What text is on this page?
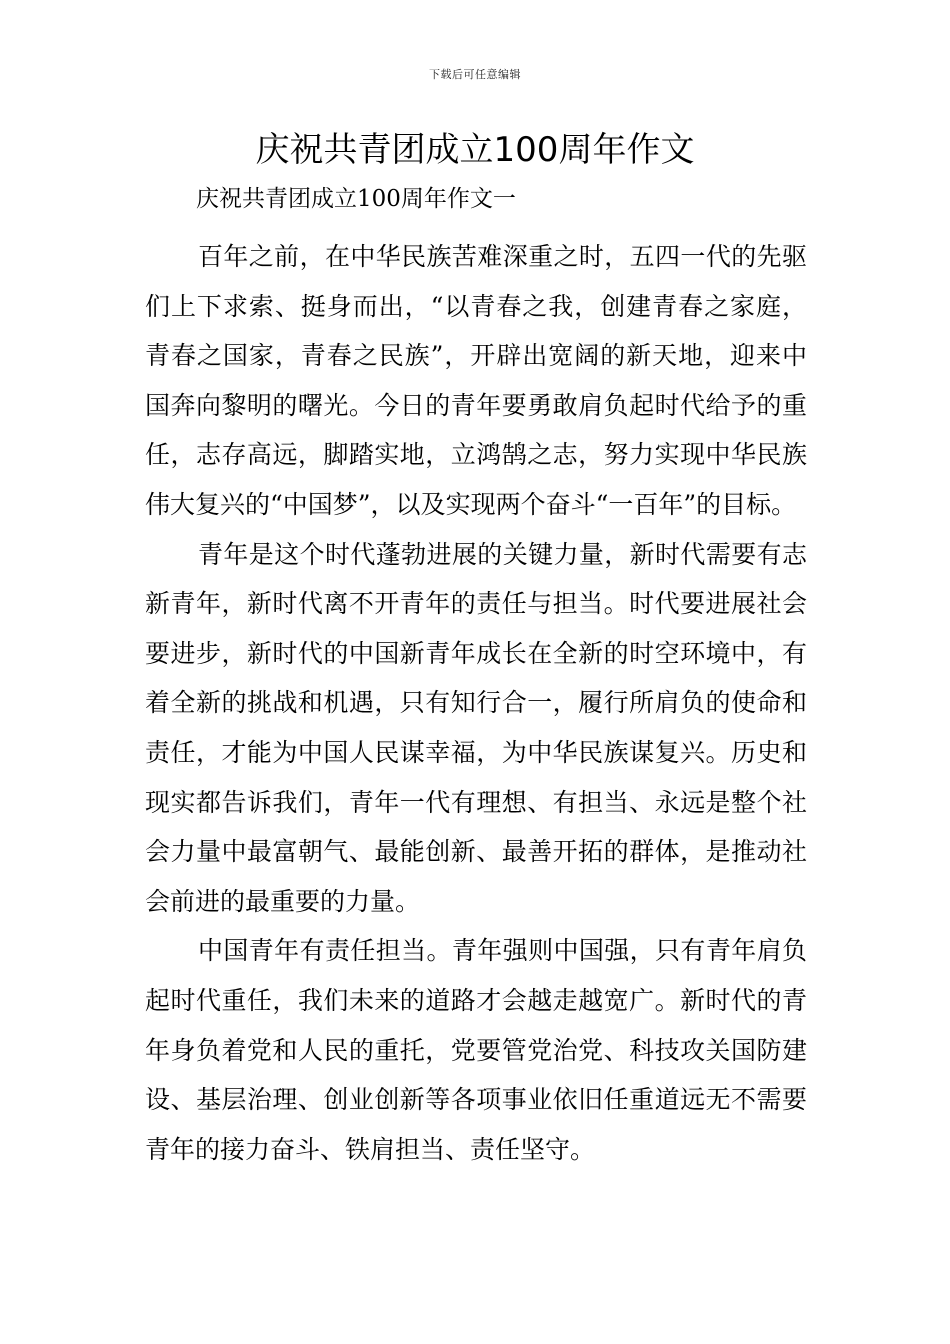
下载后可任意编辑
庆祝共青团成立100周年作文

庆祝共青团成立100周年作文一

百年之前，在中华民族苦难深重之时，五四一代的先驱们上下求索、挺身而出，“以青春之我，创建青春之家庭，青春之国家，青春之民族”，开辟出宽阔的新天地，迎来中国奔向黎明的曙光。今日的青年要勇敢肩负起时代给予的重任，志存高远，脚踏实地，立鸿鹄之志，努力实现中华民族伟大复兴的“中国梦”，以及实现两个奋斗“一百年”的目标。

青年是这个时代蓬勃进展的关键力量，新时代需要有志新青年，新时代离不开青年的责任与担当。时代要进展社会要进步，新时代的中国新青年成长在全新的时空环境中，有着全新的挑战和机遇，只有知行合一，履行所肩负的使命和责任，才能为中国人民谋幸福，为中华民族谋复兴。历史和现实都告诉我们，青年一代有理想、有担当、永远是整个社会力量中最富朝气、最能创新、最善开拓的群体，是推动社会前进的最重要的力量。

中国青年有责任担当。青年强则中国强，只有青年肩负起时代重任，我们未来的道路才会越走越宽广。新时代的青年身负着党和人民的重托，党要管党治党、科技攻关国防建设、基层治理、创业创新等各项事业依旧任重道远无不需要青年的接力奋斗、铁肩担当、责任坚守。
